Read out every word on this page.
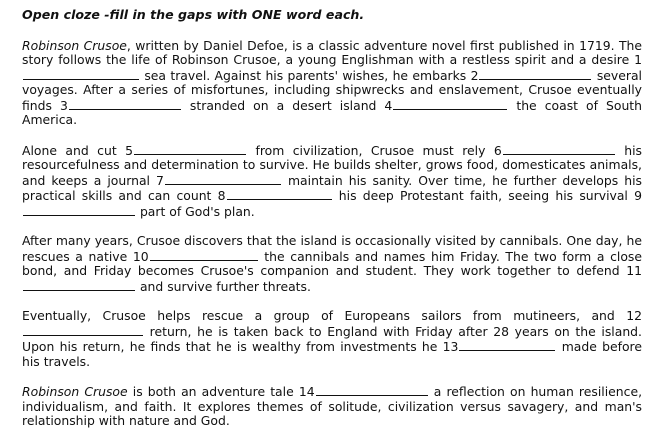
Open cloze -fill in the gaps with ONE word each.

Robinson Crusoe, written by Daniel Defoe, is a classic adventure novel first published in 1719. The story follows the life of Robinson Crusoe, a young Englishman with a restless spirit and a desire 1 sea travel. Against his parents' wishes, he embarks 2	several voyages. After a series of misfortunes, including shipwrecks and enslavement, Crusoe eventually finds 3	stranded on a desert island 4	the coast of South America.

Alone and cut 5	from civilization, Crusoe must rely 6	his resourcefulness and determination to survive. He builds shelter, grows food, domesticates animals, and keeps a journal 7	maintain his sanity. Over time, he further develops his practical skills and can count 8	his deep Protestant faith, seeing his survival 9 part of God's plan.

After many years, Crusoe discovers that the island is occasionally visited by cannibals. One day, he rescues a native 10	the cannibals and names him Friday. The two form a close bond, and Friday becomes Crusoe's companion and student. They work together to defend 11 and survive further threats.

Eventually, Crusoe helps rescue a group of Europeans sailors from mutineers, and 12 return, he is taken back to England with Friday after 28 years on the island. Upon his return, he finds that he is wealthy from investments he 13	made before his travels.

Robinson Crusoe is both an adventure tale 14	a reflection on human resilience, individualism, and faith. It explores themes of solitude, civilization versus savagery, and man's relationship with nature and God.
